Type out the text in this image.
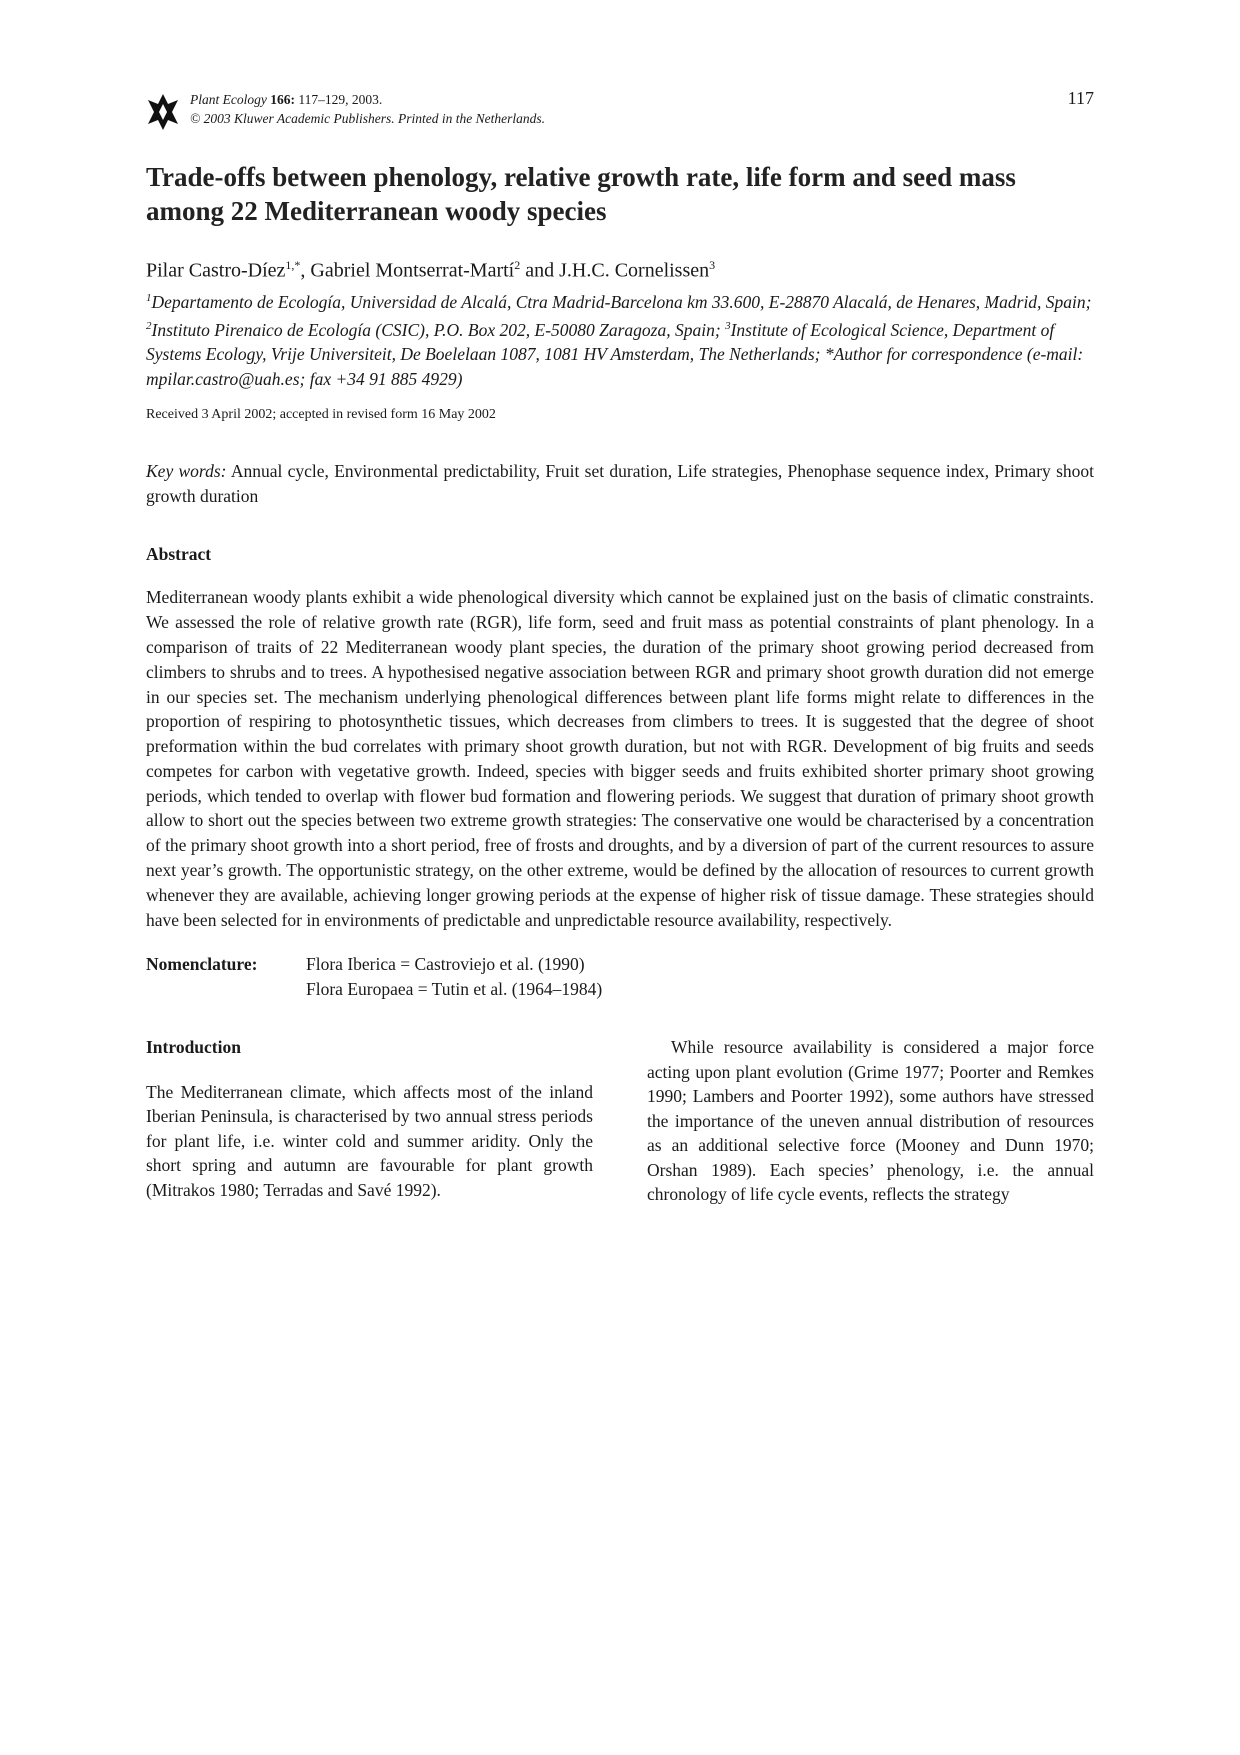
Plant Ecology 166: 117–129, 2003.
© 2003 Kluwer Academic Publishers. Printed in the Netherlands.
117
Trade-offs between phenology, relative growth rate, life form and seed mass among 22 Mediterranean woody species
Pilar Castro-Díez$^{1,*}$, Gabriel Montserrat-Martí$^2$ and J.H.C. Cornelissen$^3$
$^1$Departamento de Ecología, Universidad de Alcalá, Ctra Madrid-Barcelona km 33.600, E-28870 Alacalá, de Henares, Madrid, Spain; $^2$Instituto Pirenaico de Ecología (CSIC), P.O. Box 202, E-50080 Zaragoza, Spain; $^3$Institute of Ecological Science, Department of Systems Ecology, Vrije Universiteit, De Boelelaan 1087, 1081 HV Amsterdam, The Netherlands; *Author for correspondence (e-mail: mpilar.castro@uah.es; fax +34 91 885 4929)
Received 3 April 2002; accepted in revised form 16 May 2002
Key words: Annual cycle, Environmental predictability, Fruit set duration, Life strategies, Phenophase sequence index, Primary shoot growth duration
Abstract

Mediterranean woody plants exhibit a wide phenological diversity which cannot be explained just on the basis of climatic constraints. We assessed the role of relative growth rate (RGR), life form, seed and fruit mass as potential constraints of plant phenology. In a comparison of traits of 22 Mediterranean woody plant species, the duration of the primary shoot growing period decreased from climbers to shrubs and to trees. A hypothesised negative association between RGR and primary shoot growth duration did not emerge in our species set. The mechanism underlying phenological differences between plant life forms might relate to differences in the proportion of respiring to photosynthetic tissues, which decreases from climbers to trees. It is suggested that the degree of shoot preformation within the bud correlates with primary shoot growth duration, but not with RGR. Development of big fruits and seeds competes for carbon with vegetative growth. Indeed, species with bigger seeds and fruits exhibited shorter primary shoot growing periods, which tended to overlap with flower bud formation and flowering periods. We suggest that duration of primary shoot growth allow to short out the species between two extreme growth strategies: The conservative one would be characterised by a concentration of the primary shoot growth into a short period, free of frosts and droughts, and by a diversion of part of the current resources to assure next year’s growth. The opportunistic strategy, on the other extreme, would be defined by the allocation of resources to current growth whenever they are available, achieving longer growing periods at the expense of higher risk of tissue damage. These strategies should have been selected for in environments of predictable and unpredictable resource availability, respectively.

Nomenclature:	Flora Iberica = Castroviejo et al. (1990)
Flora Europaea = Tutin et al. (1964–1984)
Introduction

The Mediterranean climate, which affects most of the inland Iberian Peninsula, is characterised by two annual stress periods for plant life, i.e. winter cold and summer aridity. Only the short spring and autumn are favourable for plant growth (Mitrakos 1980; Terradas and Savé 1992).

While resource availability is considered a major force acting upon plant evolution (Grime 1977; Poorter and Remkes 1990; Lambers and Poorter 1992), some authors have stressed the importance of the uneven annual distribution of resources as an additional selective force (Mooney and Dunn 1970; Orshan 1989). Each species’ phenology, i.e. the annual chronology of life cycle events, reflects the strategy
